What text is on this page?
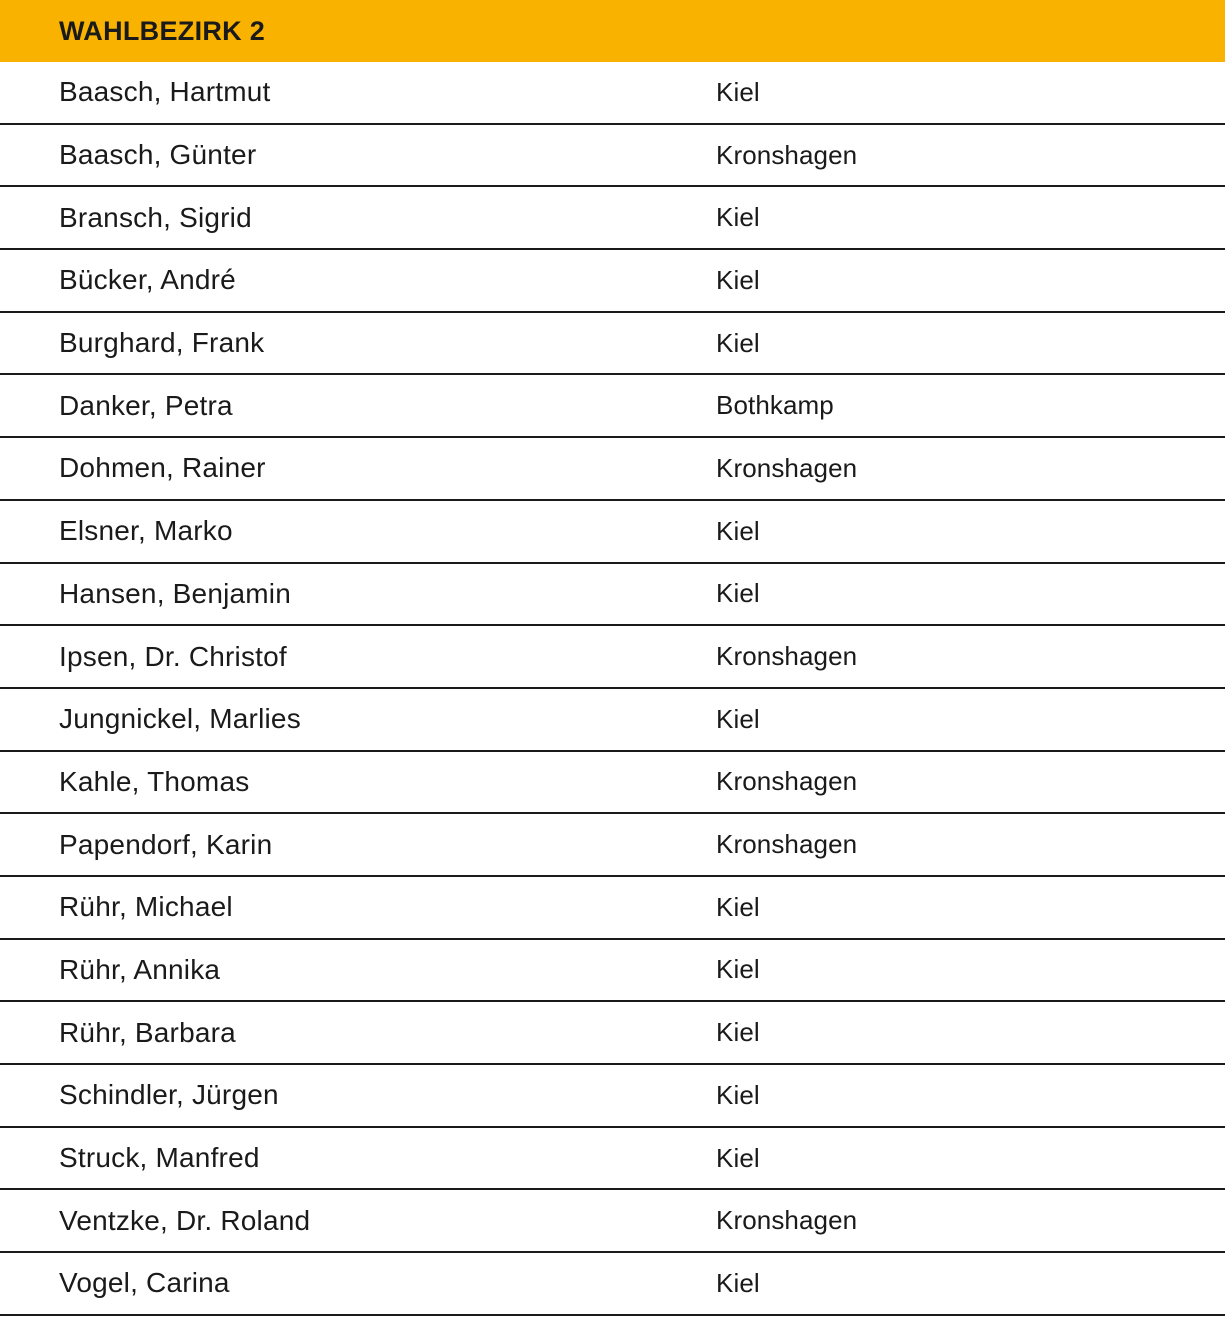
WAHLBEZIRK 2
Baasch, Hartmut	Kiel
Baasch, Günter	Kronshagen
Bransch, Sigrid	Kiel
Bücker, André	Kiel
Burghard, Frank	Kiel
Danker, Petra	Bothkamp
Dohmen, Rainer	Kronshagen
Elsner, Marko	Kiel
Hansen, Benjamin	Kiel
Ipsen, Dr. Christof	Kronshagen
Jungnickel, Marlies	Kiel
Kahle, Thomas	Kronshagen
Papendorf, Karin	Kronshagen
Rühr, Michael	Kiel
Rühr, Annika	Kiel
Rühr, Barbara	Kiel
Schindler, Jürgen	Kiel
Struck, Manfred	Kiel
Ventzke, Dr. Roland	Kronshagen
Vogel, Carina	Kiel
